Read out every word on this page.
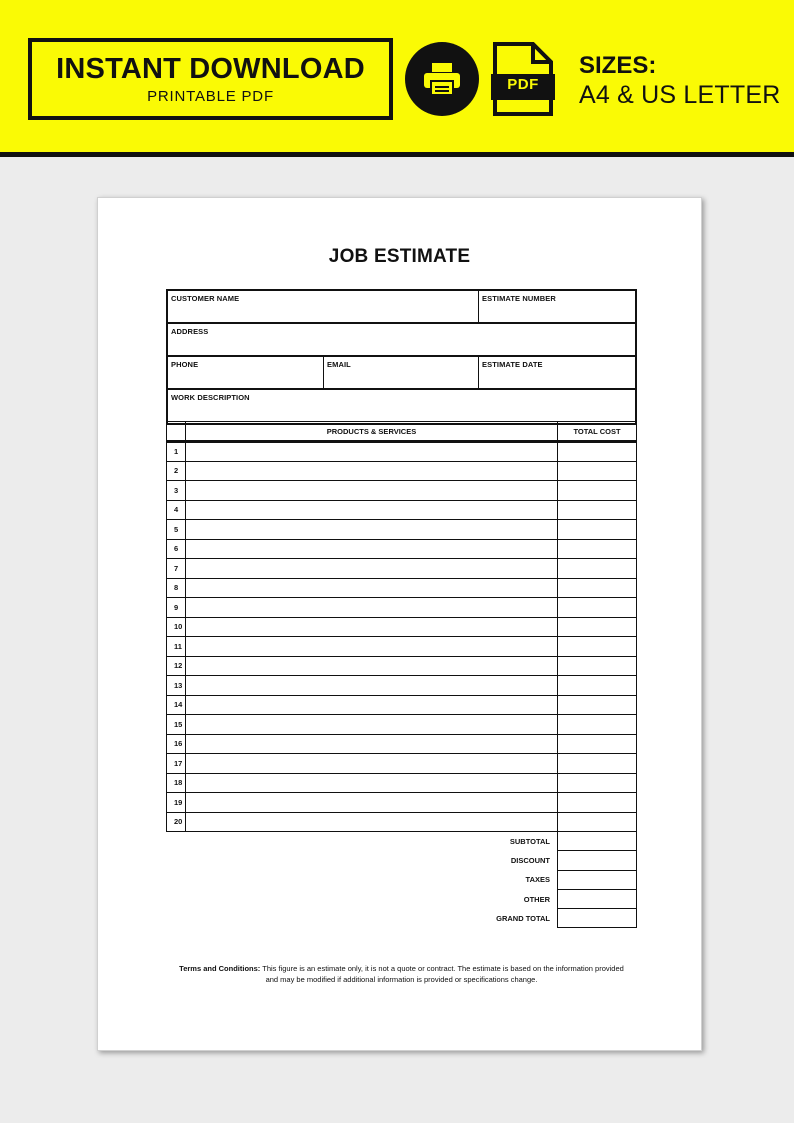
INSTANT DOWNLOAD
PRINTABLE PDF
PDF
SIZES:
A4 & US LETTER
JOB ESTIMATE
CUSTOMER NAME	ESTIMATE NUMBER
ADDRESS
PHONE	EMAIL	ESTIMATE DATE
WORK DESCRIPTION
	PRODUCTS & SERVICES	TOTAL COST
1		
2		
3		
4		
5		
6		
7		
8		
9		
10		
11		
12		
13		
14		
15		
16		
17		
18		
19		
20		
SUBTOTAL	
DISCOUNT	
TAXES	
OTHER	
GRAND TOTAL	
Terms and Conditions: This figure is an estimate only, it is not a quote or contract. The estimate is based on the information provided and may be modified if additional information is provided or specifications change.
